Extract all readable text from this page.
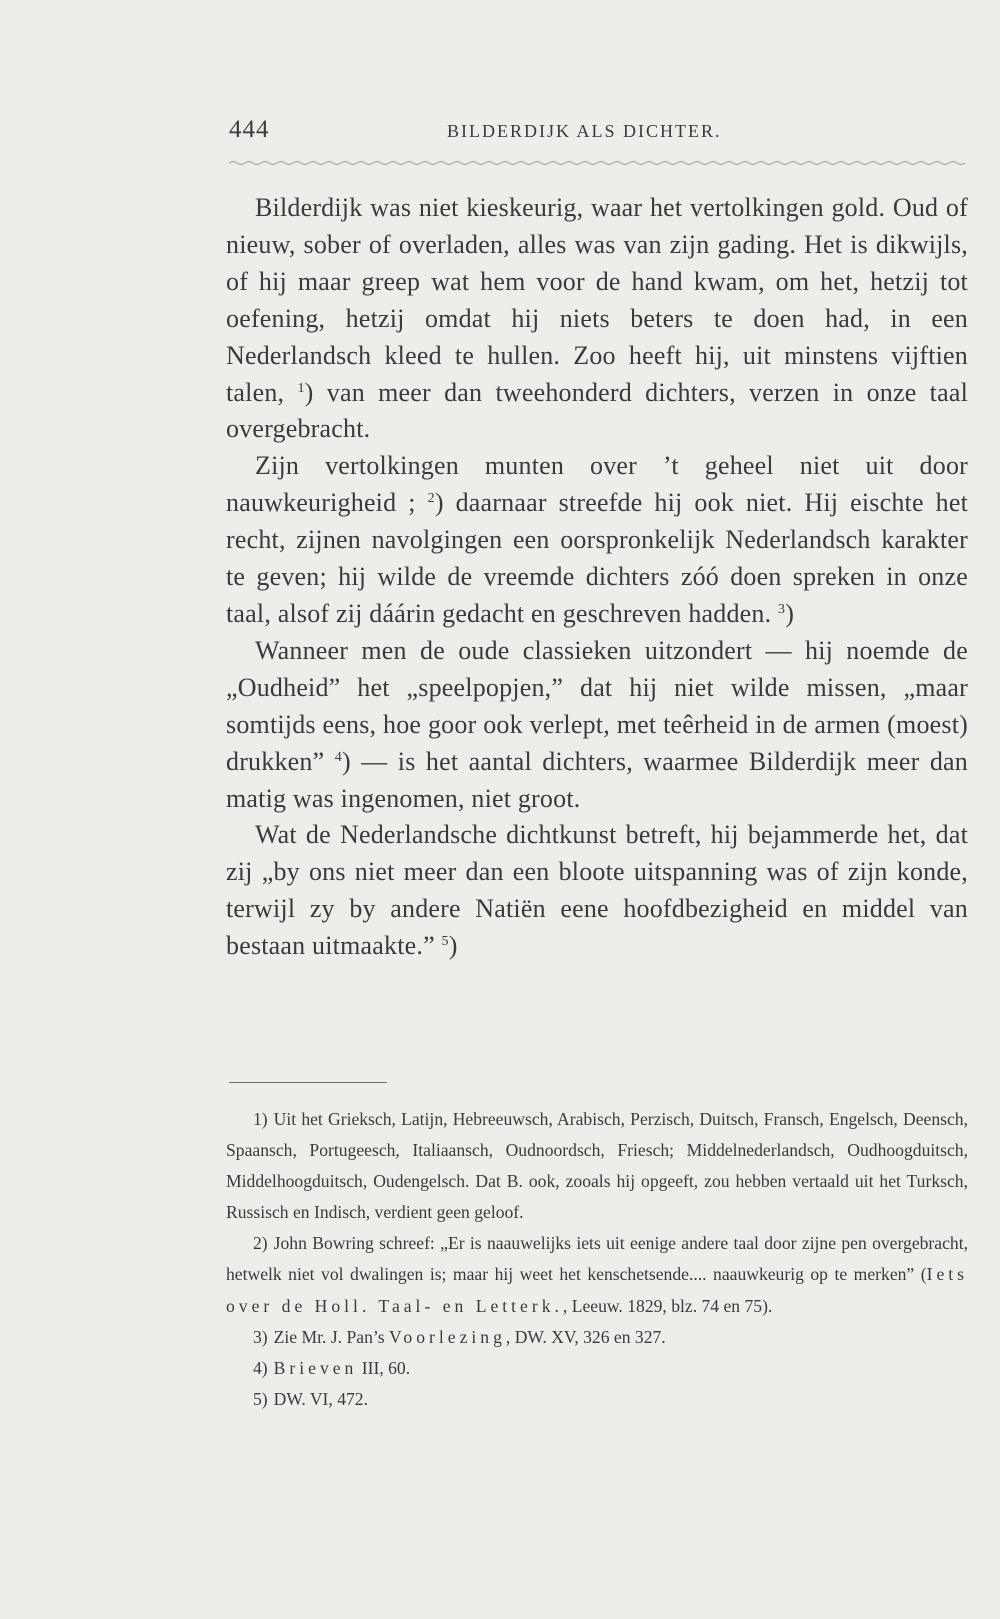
444	BILDERDIJK ALS DICHTER.

Bilderdijk was niet kieskeurig, waar het vertolkingen gold. Oud of nieuw, sober of overladen, alles was van zijn gading. Het is dikwijls, of hij maar greep wat hem voor de hand kwam, om het, hetzij tot oefening, hetzij omdat hij niets beters te doen had, in een Nederlandsch kleed te hullen. Zoo heeft hij, uit minstens vijftien talen, $^1$) van meer dan tweehonderd dichters, verzen in onze taal overgebracht.

Zijn vertolkingen munten over ’t geheel niet uit door nauwkeurigheid ; $^2$) daarnaar streefde hij ook niet. Hij eischte het recht, zijnen navolgingen een oorspronkelijk Nederlandsch karakter te geven; hij wilde de vreemde dichters zóó doen spreken in onze taal, alsof zij dáárin gedacht en geschreven hadden. $^3$)

Wanneer men de oude classieken uitzondert — hij noemde de „Oudheid” het „speelpopjen,” dat hij niet wilde missen, „maar somtijds eens, hoe goor ook verlept, met teêrheid in de armen (moest) drukken” $^4$) — is het aantal dichters, waarmee Bilderdijk meer dan matig was ingenomen, niet groot.

Wat de Nederlandsche dichtkunst betreft, hij bejammerde het, dat zij „by ons niet meer dan een bloote uitspanning was of zijn konde, terwijl zy by andere Natiën eene hoofdbezigheid en middel van bestaan uitmaakte.” $^5$)

1) Uit het Grieksch, Latijn, Hebreeuwsch, Arabisch, Perzisch, Duitsch, Fransch, Engelsch, Deensch, Spaansch, Portugeesch, Italiaansch, Oudnoordsch, Friesch; Middelnederlandsch, Oudhoogduitsch, Middelhoogduitsch, Oudengelsch. Dat B. ook, zooals hij opgeeft, zou hebben vertaald uit het Turksch, Russisch en Indisch, verdient geen geloof.

2) John Bowring schreef: „Er is naauwelijks iets uit eenige andere taal door zijne pen overgebracht, hetwelk niet vol dwalingen is; maar hij weet het kenschetsende.... naauwkeurig op te merken” (Iets over de Holl. Taal- en Letterk., Leeuw. 1829, blz. 74 en 75).

3) Zie Mr. J. Pan’s Voorlezing, DW. XV, 326 en 327.

4) Brieven III, 60.

5) DW. VI, 472.
